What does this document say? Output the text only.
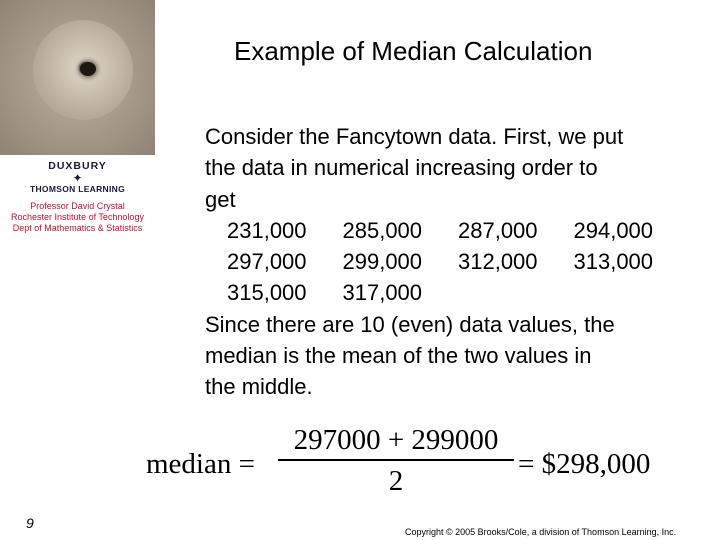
DUXBURY
✦
THOMSON LEARNING
Professor David Crystal
Rochester Institute of Technology
Dept of Mathematics & Statistics
Example of Median Calculation
Consider the Fancytown data. First, we put
the data in numerical increasing order to
get
231,000 285,000 287,000 294,000
297,000 299,000 312,000 313,000
315,000 317,000
Since there are 10 (even) data values, the
median is the mean of the two values in
the middle.
median =
297000 + 299000
2
= $298,000
9
Copyright © 2005 Brooks/Cole, a division of Thomson Learning, Inc.
